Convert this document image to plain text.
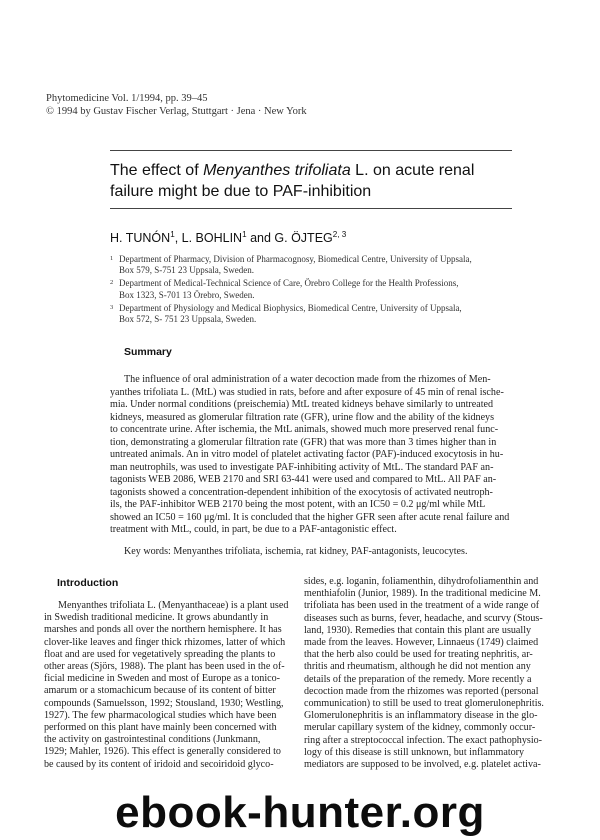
Phytomedicine Vol. 1/1994, pp. 39–45
© 1994 by Gustav Fischer Verlag, Stuttgart · Jena · New York
The effect of Menyanthes trifoliata L. on acute renal failure might be due to PAF-inhibition
H. TUNÓN$^1$, L. BOHLIN$^1$ and G. ÖJTEG$^{2, 3}$
1 Department of Pharmacy, Division of Pharmacognosy, Biomedical Centre, University of Uppsala,
Box 579, S-751 23 Uppsala, Sweden.
2 Department of Medical-Technical Science of Care, Örebro College for the Health Professions,
Box 1323, S-701 13 Örebro, Sweden.
3 Department of Physiology and Medical Biophysics, Biomedical Centre, University of Uppsala,
Box 572, S- 751 23 Uppsala, Sweden.
Summary
The influence of oral administration of a water decoction made from the rhizomes of Men-
yanthes trifoliata L. (MtL) was studied in rats, before and after exposure of 45 min of renal ische-
mia. Under normal conditions (preischemia) MtL treated kidneys behave similarly to untreated
kidneys, measured as glomerular filtration rate (GFR), urine flow and the ability of the kidneys
to concentrate urine. After ischemia, the MtL animals, showed much more preserved renal func-
tion, demonstrating a glomerular filtration rate (GFR) that was more than 3 times higher than in
untreated animals. An in vitro model of platelet activating factor (PAF)-induced exocytosis in hu-
man neutrophils, was used to investigate PAF-inhibiting activity of MtL. The standard PAF an-
tagonists WEB 2086, WEB 2170 and SRI 63-441 were used and compared to MtL. All PAF an-
tagonists showed a concentration-dependent inhibition of the exocytosis of activated neutroph-
ils, the PAF-inhibitor WEB 2170 being the most potent, with an IC50 = 0.2 μg/ml while MtL
showed an IC50 = 160 μg/ml. It is concluded that the higher GFR seen after acute renal failure and
treatment with MtL, could, in part, be due to a PAF-antagonistic effect.
Key words: Menyanthes trifoliata, ischemia, rat kidney, PAF-antagonists, leucocytes.
Introduction
Menyanthes trifoliata L. (Menyanthaceae) is a plant used
in Swedish traditional medicine. It grows abundantly in
marshes and ponds all over the northern hemisphere. It has
clover-like leaves and finger thick rhizomes, latter of which
float and are used for vegetatively spreading the plants to
other areas (Sjörs, 1988). The plant has been used in the of-
ficial medicine in Sweden and most of Europe as a tonico-
amarum or a stomachicum because of its content of bitter
compounds (Samuelsson, 1992; Stousland, 1930; Westling,
1927). The few pharmacological studies which have been
performed on this plant have mainly been concerned with
the activity on gastrointestinal conditions (Junkmann,
1929; Mahler, 1926). This effect is generally considered to
be caused by its content of iridoid and secoiridoid glyco-
sides, e.g. loganin, foliamenthin, dihydrofoliamenthin and
menthiafolin (Junior, 1989). In the traditional medicine M.
trifoliata has been used in the treatment of a wide range of
diseases such as burns, fever, headache, and scurvy (Stous-
land, 1930). Remedies that contain this plant are usually
made from the leaves. However, Linnaeus (1749) claimed
that the herb also could be used for treating nephritis, ar-
thritis and rheumatism, although he did not mention any
details of the preparation of the remedy. More recently a
decoction made from the rhizomes was reported (personal
communication) to still be used to treat glomerulonephritis.
Glomerulonephritis is an inflammatory disease in the glo-
merular capillary system of the kidney, commonly occur-
ring after a streptococcal infection. The exact pathophysio-
logy of this disease is still unknown, but inflammatory
mediators are supposed to be involved, e.g. platelet activa-
ebook-hunter.org
